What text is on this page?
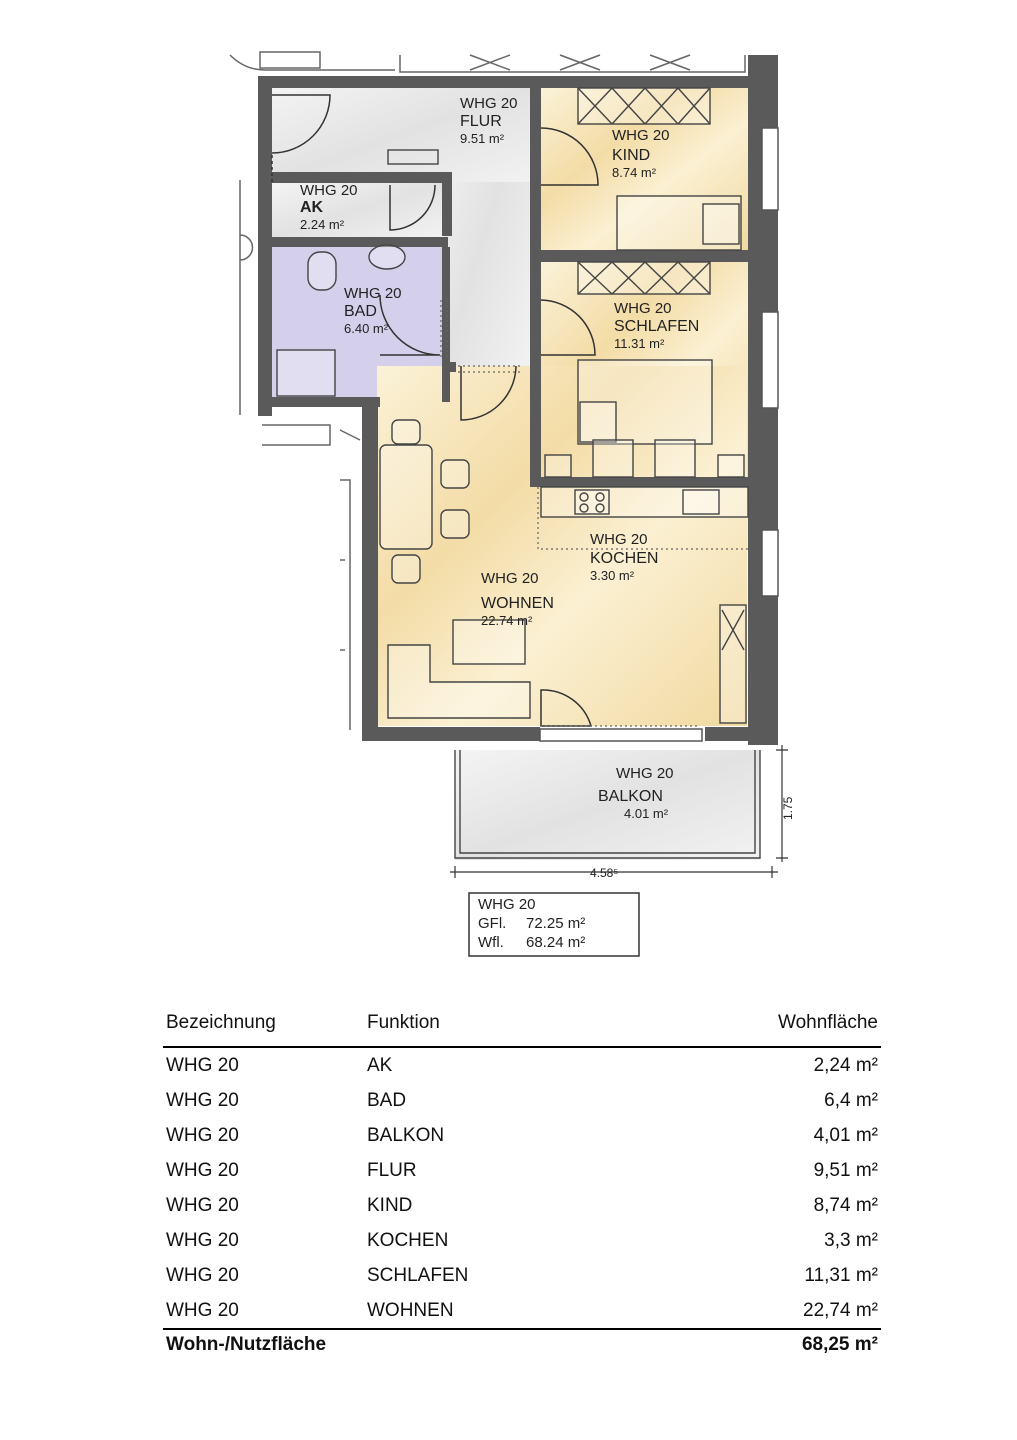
4.58⁵
1.75
WHG 20
FLUR
9.51 m²	WHG 20
KIND
8.74 m²
WHG 20
AK
2.24 m²
WHG 20
BAD
6.40 m²
WHG 20
SCHLAFEN
11.31 m²
WHG 20
KOCHEN
3.30 m²
WHG 20
WOHNEN
22.74 m²
WHG 20
BALKON
4.01 m²
WHG 20
GFl. 72.25 m²
Wfl. 68.24 m²
Bezeichnung	Funktion	Wohnfläche
WHG 20	AK	2,24 m²
WHG 20	BAD	6,4 m²
WHG 20	BALKON	4,01 m²
WHG 20	FLUR	9,51 m²
WHG 20	KIND	8,74 m²
WHG 20	KOCHEN	3,3 m²
WHG 20	SCHLAFEN	11,31 m²
WHG 20	WOHNEN	22,74 m²
Wohn-/Nutzfläche		68,25 m²
